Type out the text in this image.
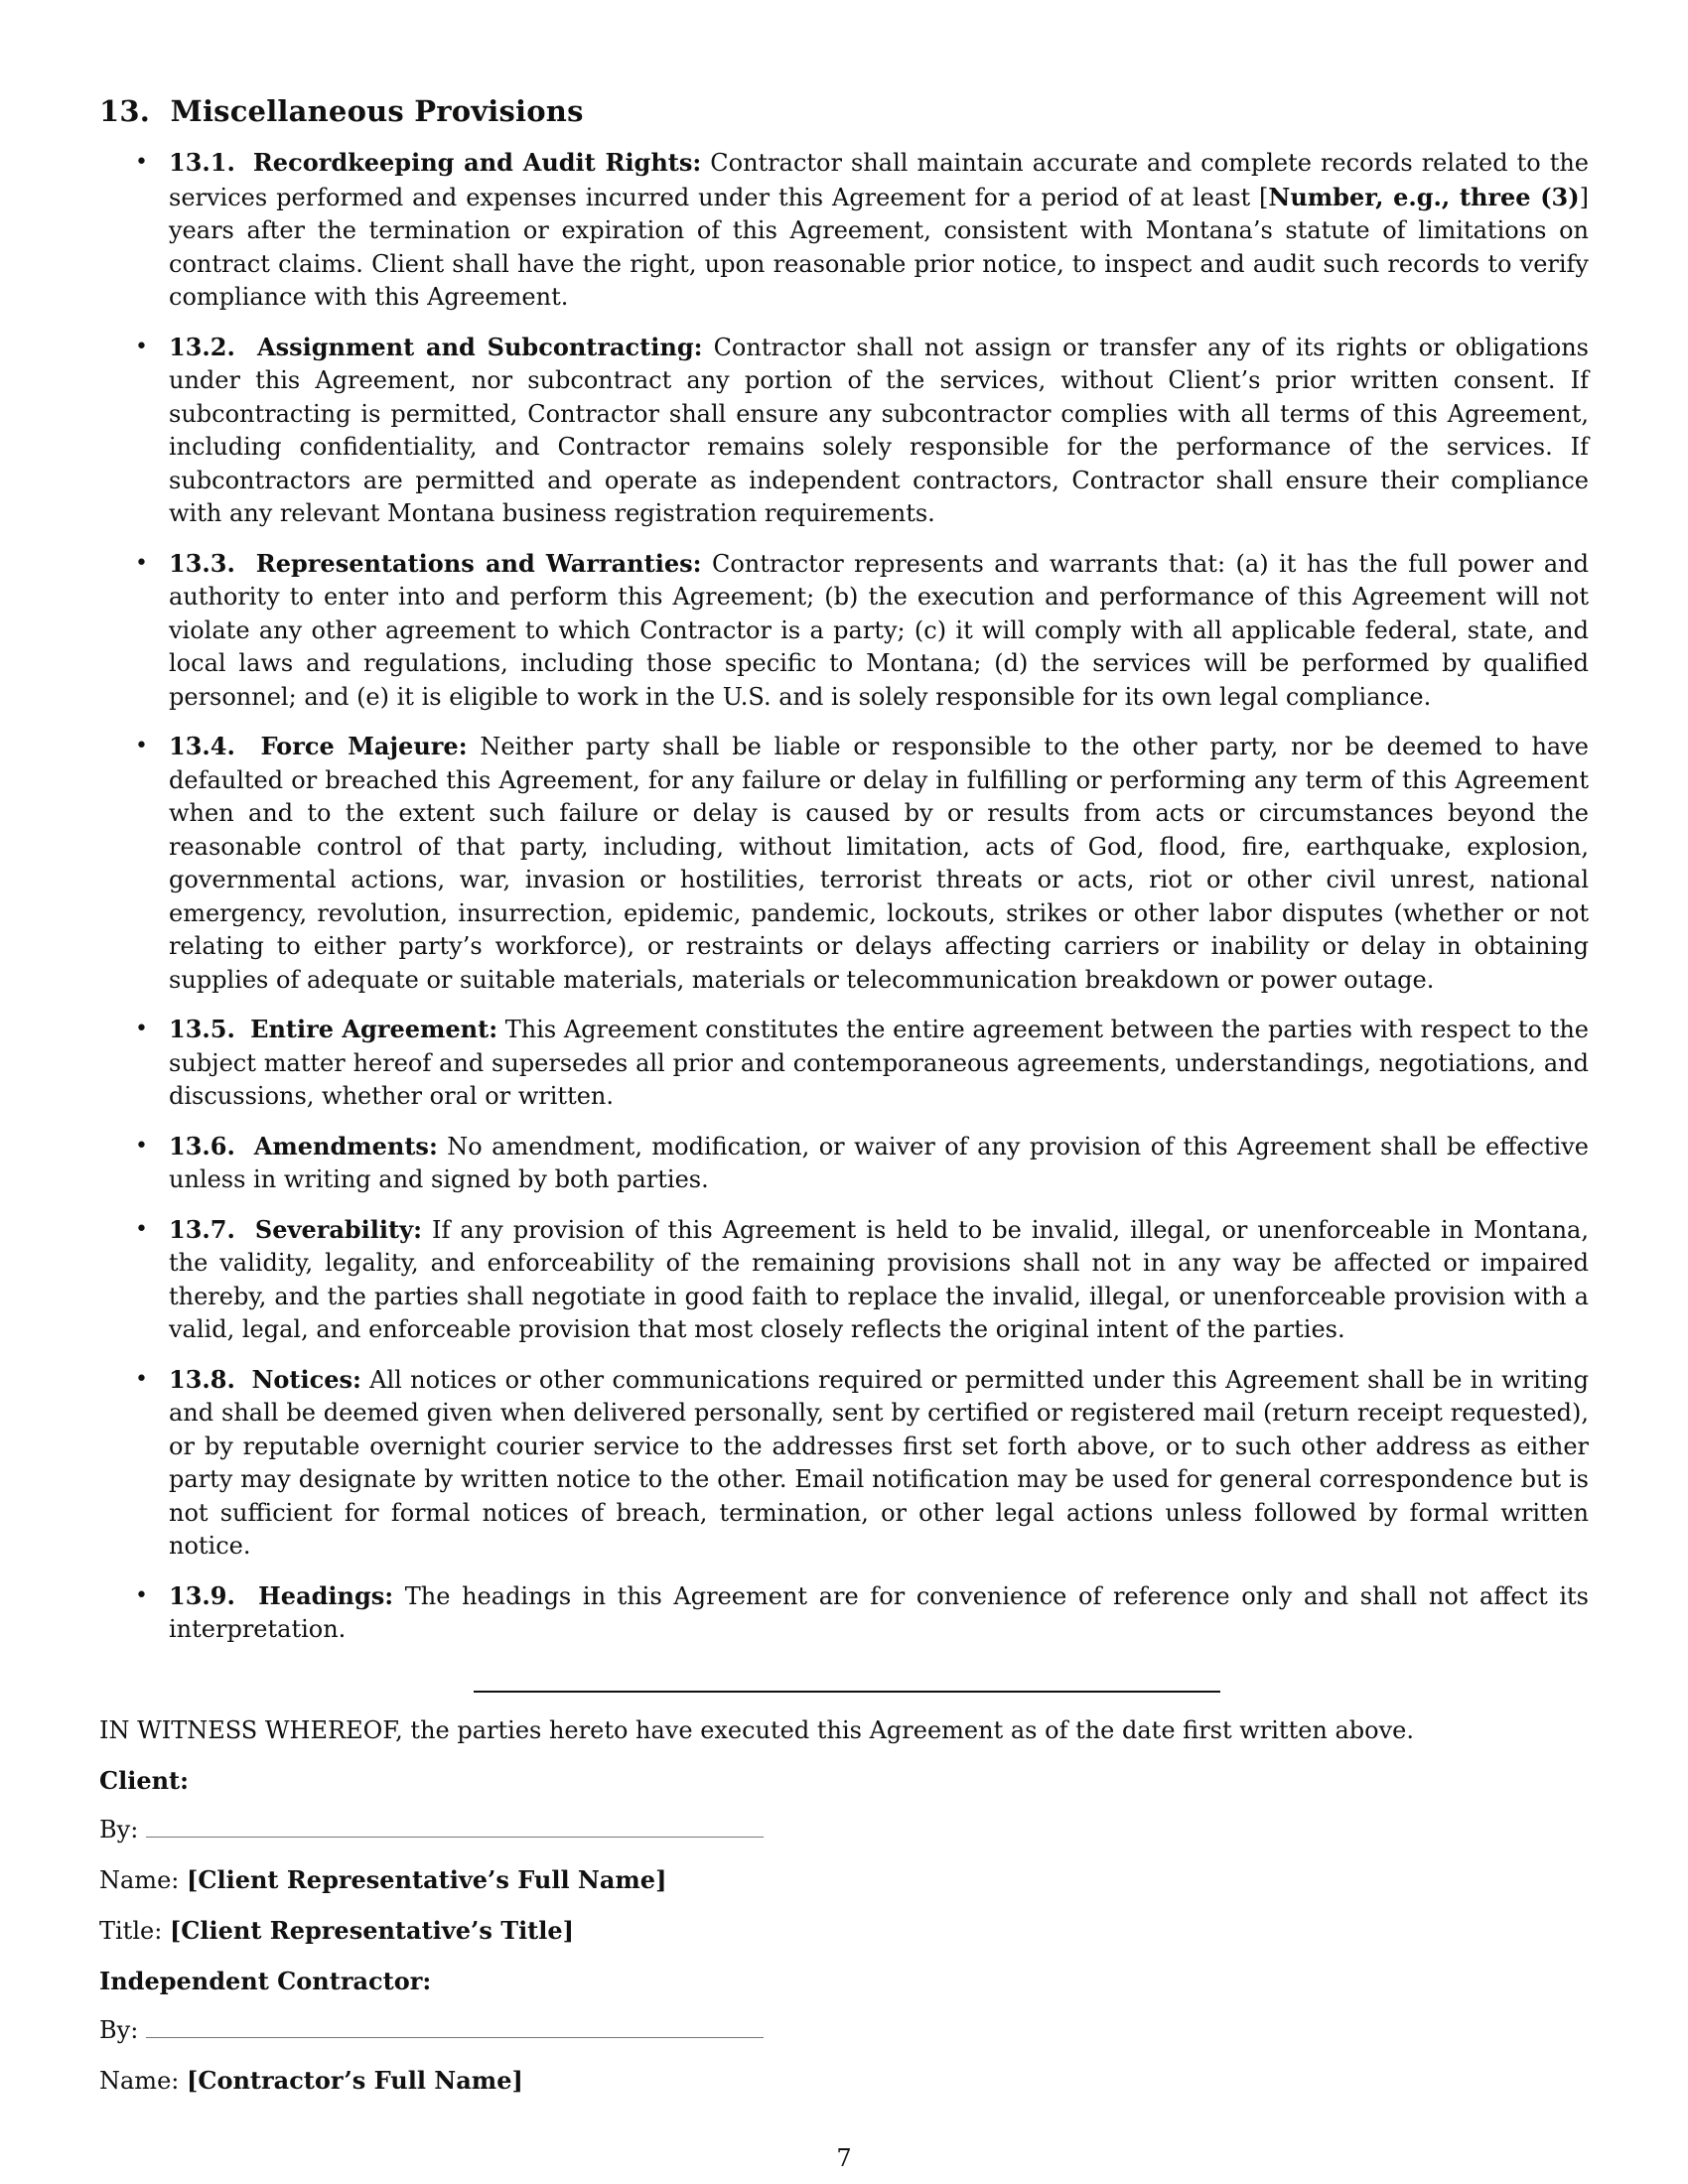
13. Miscellaneous Provisions
• 13.1. Recordkeeping and Audit Rights: Contractor shall maintain accurate and complete records related to the services performed and expenses incurred under this Agreement for a period of at least [Number, e.g., three (3)] years after the termination or expiration of this Agreement, consistent with Montana’s statute of limitations on contract claims. Client shall have the right, upon reasonable prior notice, to inspect and audit such records to verify compliance with this Agreement.
• 13.2. Assignment and Subcontracting: Contractor shall not assign or transfer any of its rights or obligations under this Agreement, nor subcontract any portion of the services, without Client’s prior written consent. If subcontracting is permitted, Contractor shall ensure any subcontractor complies with all terms of this Agreement, including confidentiality, and Contractor remains solely responsible for the performance of the services. If subcontractors are permitted and operate as independent contractors, Contractor shall ensure their compliance with any relevant Montana business registration requirements.
• 13.3. Representations and Warranties: Contractor represents and warrants that: (a) it has the full power and authority to enter into and perform this Agreement; (b) the execution and performance of this Agreement will not violate any other agreement to which Contractor is a party; (c) it will comply with all applicable federal, state, and local laws and regulations, including those specific to Montana; (d) the services will be performed by qualified personnel; and (e) it is eligible to work in the U.S. and is solely responsible for its own legal compliance.
• 13.4. Force Majeure: Neither party shall be liable or responsible to the other party, nor be deemed to have defaulted or breached this Agreement, for any failure or delay in fulfilling or performing any term of this Agreement when and to the extent such failure or delay is caused by or results from acts or circumstances beyond the reasonable control of that party, including, without limitation, acts of God, flood, fire, earthquake, explosion, governmental actions, war, invasion or hostilities, terrorist threats or acts, riot or other civil unrest, national emergency, revolution, insurrection, epidemic, pandemic, lockouts, strikes or other labor disputes (whether or not relating to either party’s workforce), or restraints or delays affecting carriers or inability or delay in obtaining supplies of adequate or suitable materials, materials or telecommunication breakdown or power outage.
• 13.5. Entire Agreement: This Agreement constitutes the entire agreement between the parties with respect to the subject matter hereof and supersedes all prior and contemporaneous agreements, understandings, negotiations, and discussions, whether oral or written.
• 13.6. Amendments: No amendment, modification, or waiver of any provision of this Agreement shall be effective unless in writing and signed by both parties.
• 13.7. Severability: If any provision of this Agreement is held to be invalid, illegal, or unenforceable in Montana, the validity, legality, and enforceability of the remaining provisions shall not in any way be affected or impaired thereby, and the parties shall negotiate in good faith to replace the invalid, illegal, or unenforceable provision with a valid, legal, and enforceable provision that most closely reflects the original intent of the parties.
• 13.8. Notices: All notices or other communications required or permitted under this Agreement shall be in writing and shall be deemed given when delivered personally, sent by certified or registered mail (return receipt requested), or by reputable overnight courier service to the addresses first set forth above, or to such other address as either party may designate by written notice to the other. Email notification may be used for general correspondence but is not sufficient for formal notices of breach, termination, or other legal actions unless followed by formal written notice.
• 13.9. Headings: The headings in this Agreement are for convenience of reference only and shall not affect its interpretation.

IN WITNESS WHEREOF, the parties hereto have executed this Agreement as of the date first written above.

Client:

By:

Name: [Client Representative’s Full Name]

Title: [Client Representative’s Title]

Independent Contractor:

By:

Name: [Contractor’s Full Name]

7
